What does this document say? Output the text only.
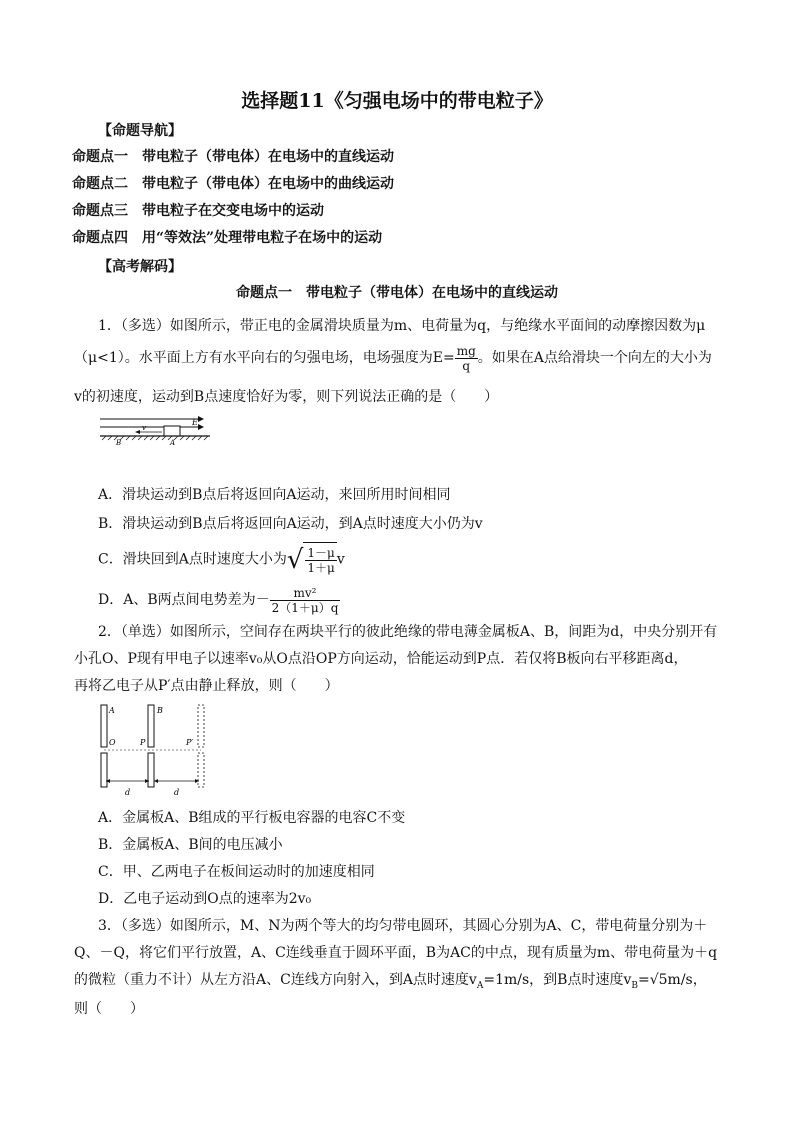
选择题11《匀强电场中的带电粒子》
【命题导航】
命题点一　带电粒子（带电体）在电场中的直线运动
命题点二　带电粒子（带电体）在电场中的曲线运动
命题点三　带电粒子在交变电场中的运动
命题点四　用“等效法”处理带电粒子在场中的运动
【高考解码】
命题点一　带电粒子（带电体）在电场中的直线运动
1．（多选）如图所示，带正电的金属滑块质量为m、电荷量为q，与绝缘水平面间的动摩擦因数为μ
（μ<1）。水平面上方有水平向右的匀强电场，电场强度为$E= \frac{mg}{q}$ 。如果在A点给滑块一个向左的大小为
v的初速度，运动到B点速度恰好为零，则下列说法正确的是（　　）
E
v
B	A
A．滑块运动到B点后将返回向A运动，来回所用时间相同
B．滑块运动到B点后将返回向A运动，到A点时速度大小仍为v
C．滑块回到A点时速度大小为√ $\frac{1-\mu}{1+\mu}$ v
D．A、B两点间电势差为－ $\frac{\text{mv²}}{2(1+\mu)q}$
2．（单选）如图所示，空间存在两块平行的彼此绝缘的带电薄金属板A、B，间距为d，中央分别开有
小孔O、P现有甲电子以速率v₀从O点沿OP方向运动，恰能运动到P点．若仅将B板向右平移距离d，
再将乙电子从P′点由静止释放，则（　　）
A	B
O	P	P′
d	d
A．金属板A、B组成的平行板电容器的电容C不变
B．金属板A、B间的电压减小
C．甲、乙两电子在板间运动时的加速度相同
D．乙电子运动到O点的速率为2v₀
3．（多选）如图所示，M、N为两个等大的均匀带电圆环，其圆心分别为A、C，带电荷量分别为＋
Q、－Q，将它们平行放置，A、C连线垂直于圆环平面，B为AC的中点，现有质量为m、带电荷量为＋q
的微粒（重力不计）从左方沿A、C连线方向射入，到A点时速度$v_A=1m/s$，到B点时速度$v_B=√5m/s$，
则（　　）
